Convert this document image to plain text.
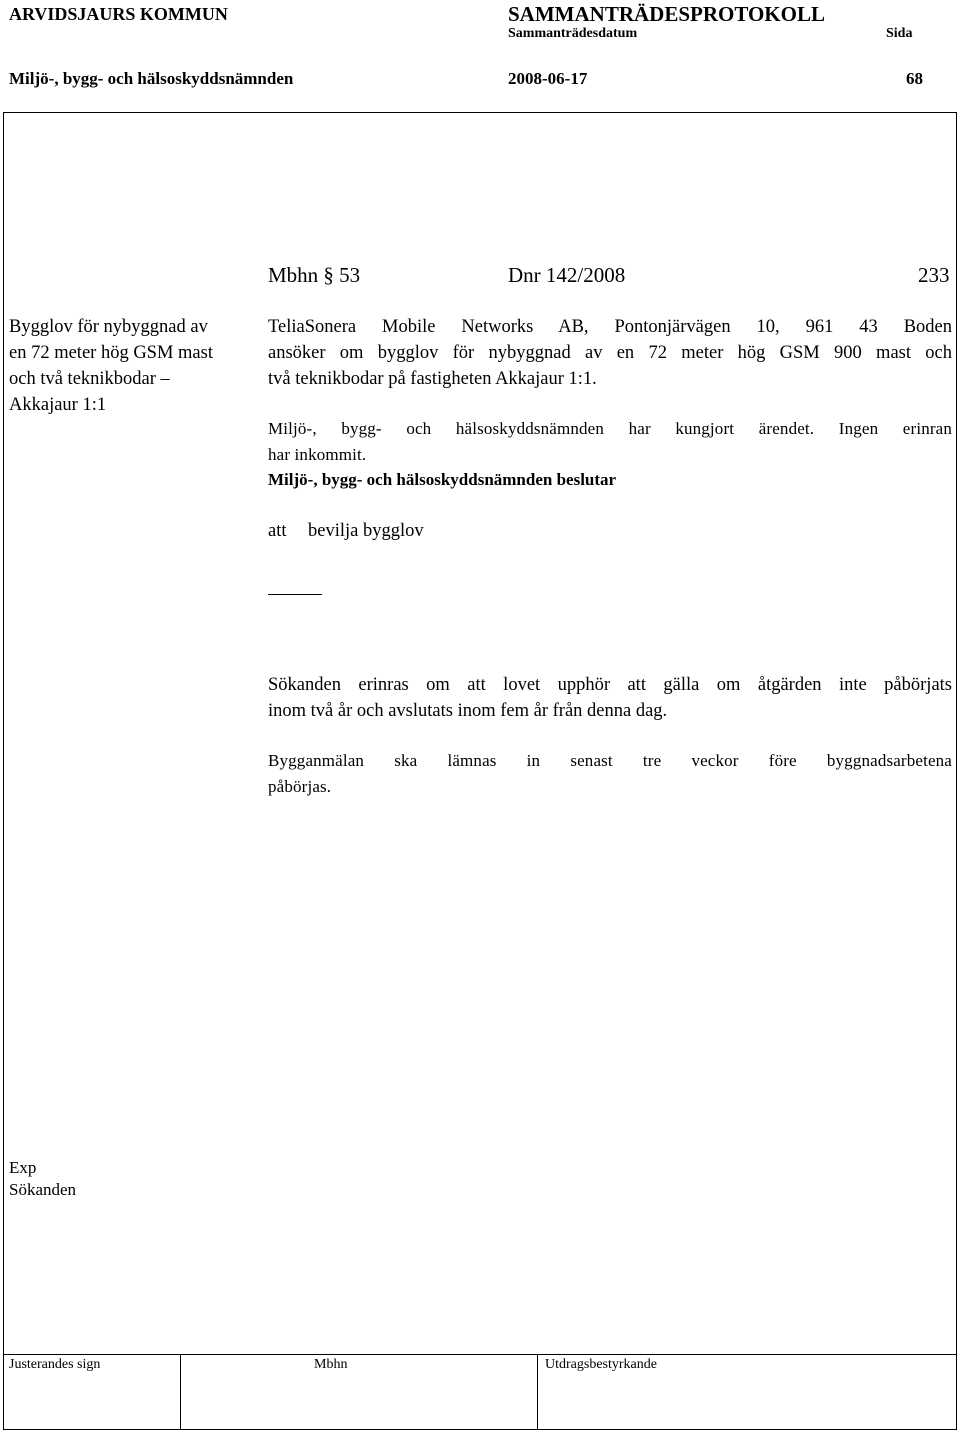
ARVIDSJAURS KOMMUN	SAMMANTRÄDESPROTOKOLL
Sammanträdesdatum	Sida
Miljö-, bygg- och hälsoskyddsnämnden	2008-06-17	68
Mbhn § 53	Dnr 142/2008	233
Bygglov för nybyggnad av
en 72 meter hög GSM mast
och två teknikbodar –
Akkajaur 1:1
TeliaSonera Mobile Networks AB, Pontonjärvägen 10, 961 43 Boden
ansöker om bygglov för nybyggnad av en 72 meter hög GSM 900 mast och
två teknikbodar på fastigheten Akkajaur 1:1.
Miljö-, bygg- och hälsoskyddsnämnden har kungjort ärendet. Ingen erinran
har inkommit.
Miljö-, bygg- och hälsoskyddsnämnden beslutar
att bevilja bygglov
Sökanden erinras om att lovet upphör att gälla om åtgärden inte påbörjats
inom två år och avslutats inom fem år från denna dag.
Bygganmälan ska lämnas in senast tre veckor före byggnadsarbetena
påbörjas.
Exp
Sökanden
Justerandes sign	Mbhn	Utdragsbestyrkande
